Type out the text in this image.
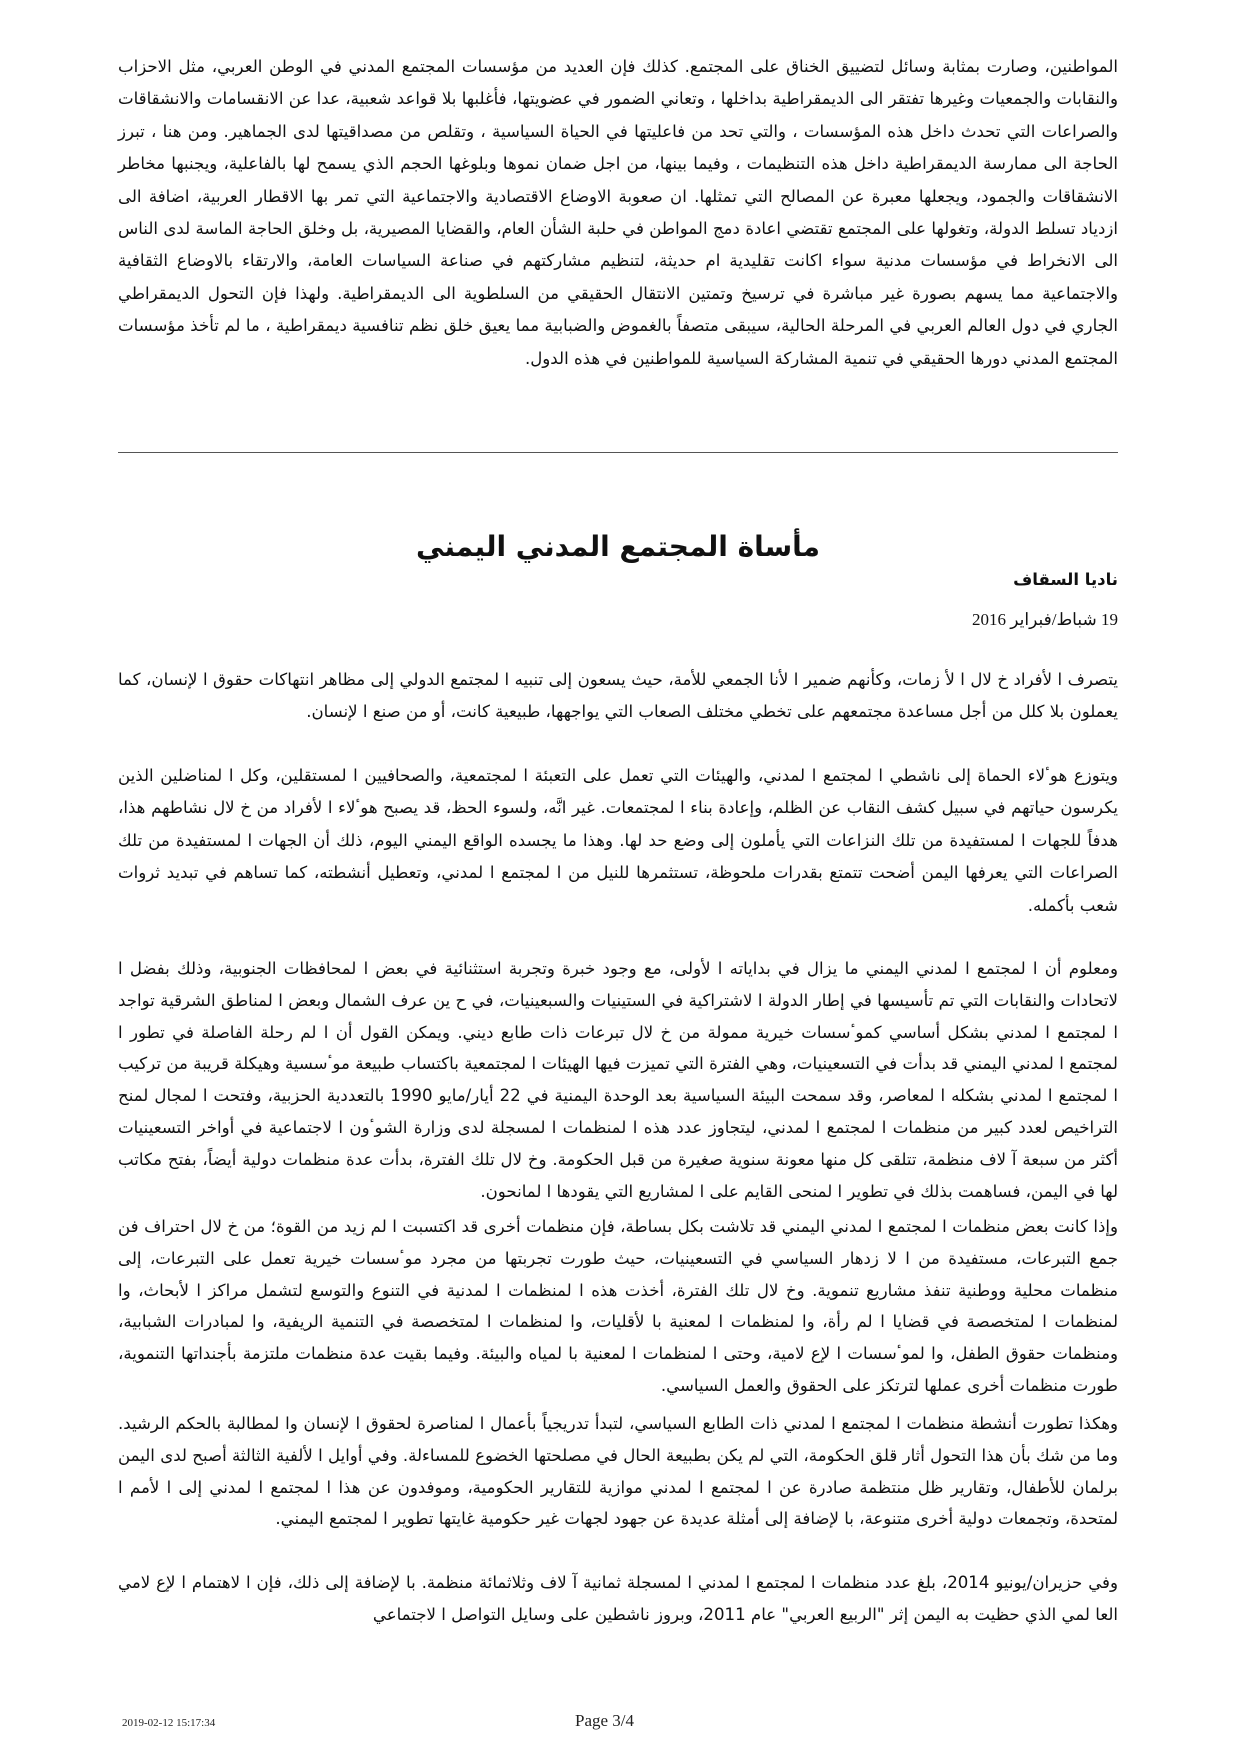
المواطنين، وصارت بمثابة وسائل لتضييق الخناق على المجتمع. كذلك فإن العديد من مؤسسات المجتمع المدني في الوطن العربي، مثل الاحزاب والنقابات والجمعيات وغيرها تفتقر الى الديمقراطية بداخلها ، وتعاني الضمور في عضويتها، فأغلبها بلا قواعد شعبية، عدا عن الانقسامات والانشقاقات والصراعات التي تحدث داخل هذه المؤسسات ، والتي تحد من فاعليتها في الحياة السياسية ، وتقلص من مصداقيتها لدى الجماهير. ومن هنا ، تبرز الحاجة الى ممارسة الديمقراطية داخل هذه التنظيمات ، وفيما بينها، من اجل ضمان نموها وبلوغها الحجم الذي يسمح لها بالفاعلية، ويجنبها مخاطر الانشقاقات والجمود، ويجعلها معبرة عن المصالح التي تمثلها. ان صعوبة الاوضاع الاقتصادية والاجتماعية التي تمر بها الاقطار العربية، اضافة الى ازدياد تسلط الدولة، وتغولها على المجتمع تقتضي اعادة دمج المواطن في حلبة الشأن العام، والقضايا المصيرية، بل وخلق الحاجة الماسة لدى الناس الى الانخراط في مؤسسات مدنية سواء اكانت تقليدية ام حديثة، لتنظيم مشاركتهم في صناعة السياسات العامة، والارتقاء بالاوضاع الثقافية والاجتماعية مما يسهم بصورة غير مباشرة في ترسيخ وتمتين الانتقال الحقيقي من السلطوية الى الديمقراطية. ولهذا فإن التحول الديمقراطي الجاري في دول العالم العربي في المرحلة الحالية، سيبقى متصفاً بالغموض والضبابية مما يعيق خلق نظم تنافسية ديمقراطية ، ما لم تأخذ مؤسسات المجتمع المدني دورها الحقيقي في تنمية المشاركة السياسية للمواطنين في هذه الدول.

مأساة المجتمع المدني اليمني

ناديا السقاف

19 شباط/فبراير 2016

يتصرف ا لأفراد خ لال ا لأ زمات، وكأنهم ضمير ا لأنا الجمعي للأمة، حيث يسعون إلى تنبيه ا لمجتمع الدولي إلى مظاهر انتهاكات حقوق ا لإنسان، كما يعملون بلا كلل من أجل مساعدة مجتمعهم على تخطي مختلف الصعاب التي يواجهها، طبيعية كانت، أو من صنع ا لإنسان.

ويتوزع هوٴلاء الحماة إلى ناشطي ا لمجتمع ا لمدني، والهيئات التي تعمل على التعبئة ا لمجتمعية، والصحافيين ا لمستقلين، وكل ا لمناضلين الذين يكرسون حياتهم في سبيل كشف النقاب عن الظلم، وإعادة بناء ا لمجتمعات. غير انَّه، ولسوء الحظ، قد يصبح هوٴلاء ا لأفراد من خ لال نشاطهم هذا، هدفاً للجهات ا لمستفيدة من تلك النزاعات التي يأملون إلى وضع حد لها. وهذا ما يجسده الواقع اليمني اليوم، ذلك أن الجهات ا لمستفيدة من تلك الصراعات التي يعرفها اليمن أضحت تتمتع بقدرات ملحوظة، تستثمرها للنيل من ا لمجتمع ا لمدني، وتعطيل أنشطته، كما تساهم في تبديد ثروات شعب بأكمله.

ومعلوم أن ا لمجتمع ا لمدني اليمني ما يزال في بداياته ا لأولى، مع وجود خبرة وتجربة استثنائية في بعض ا لمحافظات الجنوبية، وذلك بفضل ا لاتحادات والنقابات التي تم تأسيسها في إطار الدولة ا لاشتراكية في الستينيات والسبعينيات، في ح ين عرف الشمال وبعض ا لمناطق الشرقية تواجد ا لمجتمع ا لمدني بشكل أساسي كموٴسسات خيرية ممولة من خ لال تبرعات ذات طابع ديني. ويمكن القول أن ا لم رحلة الفاصلة في تطور ا لمجتمع ا لمدني اليمني قد بدأت في التسعينيات، وهي الفترة التي تميزت فيها الهيئات ا لمجتمعية باكتساب طبيعة موٴسسية وهيكلة قريبة من تركيب ا لمجتمع ا لمدني بشكله ا لمعاصر، وقد سمحت البيئة السياسية بعد الوحدة اليمنية في 22 أيار/مايو 1990 بالتعددية الحزبية، وفتحت ا لمجال لمنح التراخيص لعدد كبير من منظمات ا لمجتمع ا لمدني، ليتجاوز عدد هذه ا لمنظمات ا لمسجلة لدى وزارة الشوٴون ا لاجتماعية في أواخر التسعينيات أكثر من سبعة آ لاف منظمة، تتلقى كل منها معونة سنوية صغيرة من قبل الحكومة. وخ لال تلك الفترة، بدأت عدة منظمات دولية أيضاً، بفتح مكاتب لها في اليمن، فساهمت بذلك في تطوير ا لمنحى القايم على ا لمشاريع التي يقودها ا لمانحون.

وإذا كانت بعض منظمات ا لمجتمع ا لمدني اليمني قد تلاشت بكل بساطة، فإن منظمات أخرى قد اكتسبت ا لم زيد من القوة؛ من خ لال احتراف فن جمع التبرعات، مستفيدة من ا لا زدهار السياسي في التسعينيات، حيث طورت تجربتها من مجرد موٴسسات خيرية تعمل على التبرعات، إلى منظمات محلية ووطنية تنفذ مشاريع تنموية. وخ لال تلك الفترة، أخذت هذه ا لمنظمات ا لمدنية في التنوع والتوسع لتشمل مراكز ا لأبحاث، وا لمنظمات ا لمتخصصة في قضايا ا لم رأة، وا لمنظمات ا لمعنية با لأقليات، وا لمنظمات ا لمتخصصة في التنمية الريفية، وا لمبادرات الشبابية، ومنظمات حقوق الطفل، وا لموٴسسات ا لإع لامية، وحتى ا لمنظمات ا لمعنية با لمياه والبيئة. وفيما بقيت عدة منظمات ملتزمة بأجنداتها التنموية، طورت منظمات أخرى عملها لترتكز على الحقوق والعمل السياسي.

وهكذا تطورت أنشطة منظمات ا لمجتمع ا لمدني ذات الطابع السياسي، لتبدأ تدريجياً بأعمال ا لمناصرة لحقوق ا لإنسان وا لمطالبة بالحكم الرشيد. وما من شك بأن هذا التحول أثار قلق الحكومة، التي لم يكن بطبيعة الحال في مصلحتها الخضوع للمساءلة. وفي أوايل ا لألفية الثالثة أصبح لدى اليمن برلمان للأطفال، وتقارير ظل منتظمة صادرة عن ا لمجتمع ا لمدني موازية للتقارير الحكومية، وموفدون عن هذا ا لمجتمع ا لمدني إلى ا لأمم ا لمتحدة، وتجمعات دولية أخرى متنوعة، با لإضافة إلى أمثلة عديدة عن جهود لجهات غير حكومية غايتها تطوير ا لمجتمع اليمني.

وفي حزيران/يونيو 2014، بلغ عدد منظمات ا لمجتمع ا لمدني ا لمسجلة ثمانية آ لاف وثلاثمائة منظمة. با لإضافة إلى ذلك، فإن ا لاهتمام ا لإع لامي العا لمي الذي حظيت به اليمن إثر "الربيع العربي" عام 2011، وبروز ناشطين على وسايل التواصل ا لاجتماعي

2019-02-12 15:17:34	Page 3/4
